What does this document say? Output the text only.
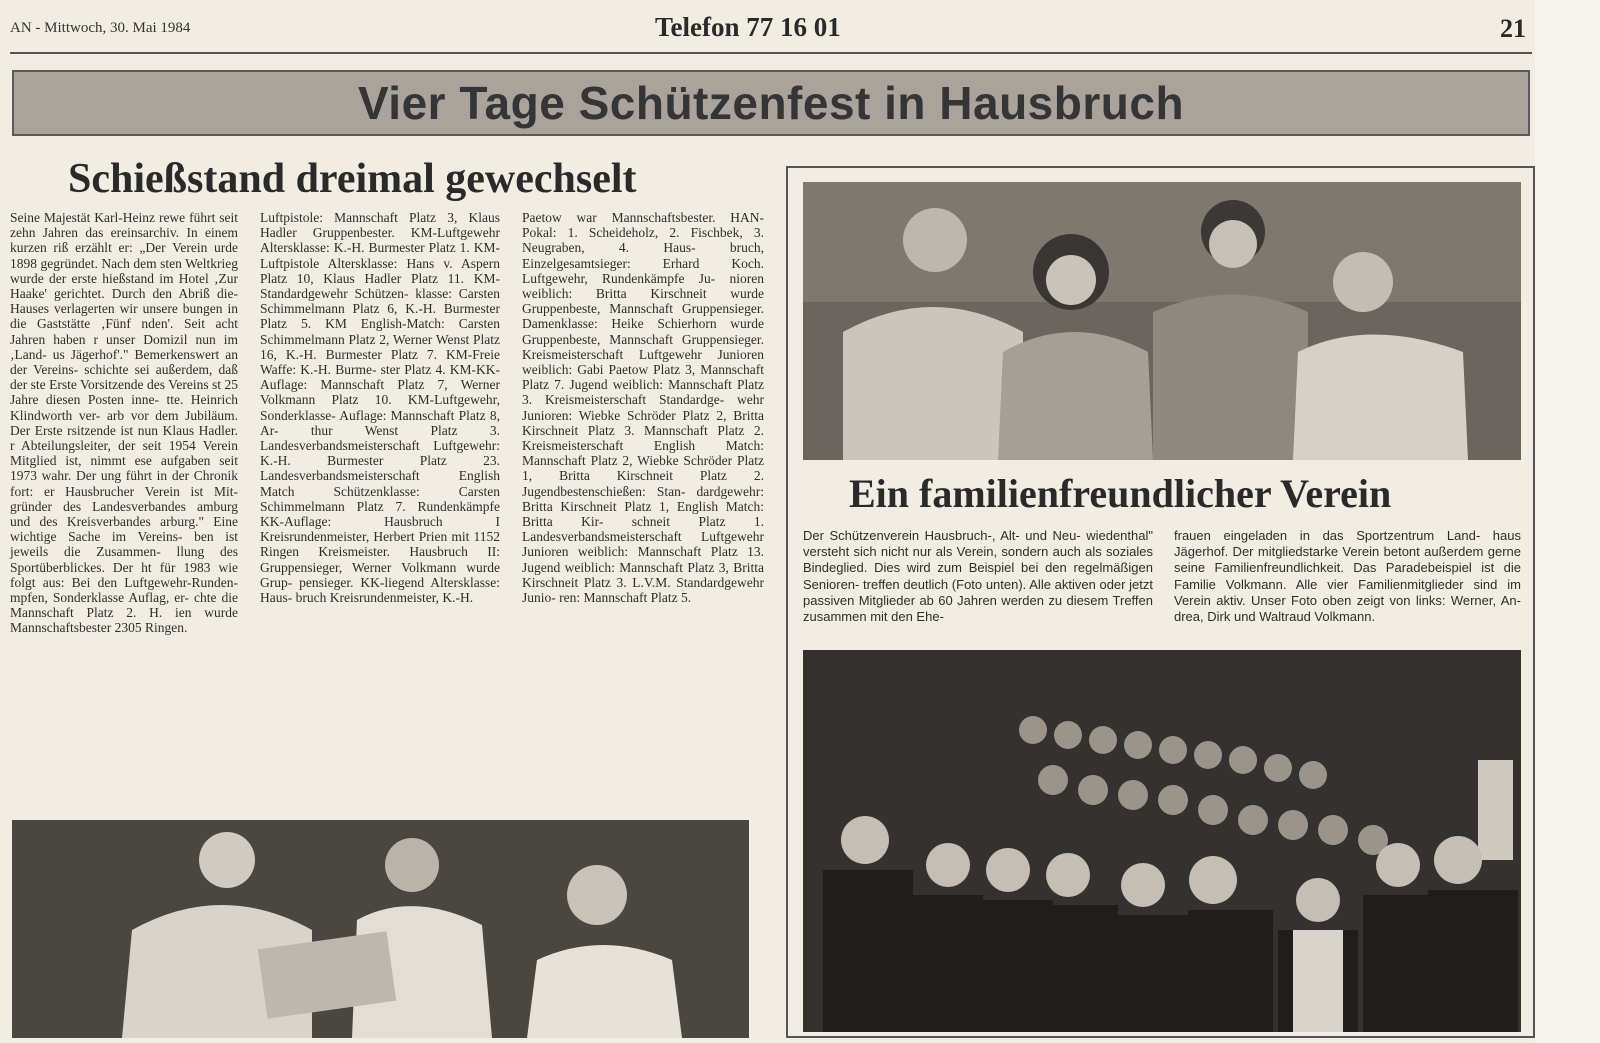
AN - Mittwoch, 30. Mai 1984	Telefon 77 16 01	21
Vier Tage Schützenfest in Hausbruch
Schießstand dreimal gewechselt

Seine Majestät Karl-Heinz rewe führt seit zehn Jahren das ereinsarchiv. In einem kurzen riß erzählt er: „Der Verein urde 1898 gegründet. Nach dem sten Weltkrieg wurde der erste hießstand im Hotel ‚Zur Haake' gerichtet. Durch den Abriß die- Hauses verlagerten wir unsere bungen in die Gaststätte ‚Fünf nden'. Seit acht Jahren haben r unser Domizil nun im ‚Land- us Jägerhof'." Bemerkenswert an der Vereins- schichte sei außerdem, daß der ste Erste Vorsitzende des Vereins st 25 Jahre diesen Posten inne- tte. Heinrich Klindworth ver- arb vor dem Jubiläum. Der Erste rsitzende ist nun Klaus Hadler. r Abteilungsleiter, der seit 1954 Verein Mitglied ist, nimmt ese aufgaben seit 1973 wahr. Der ung führt in der Chronik fort: er Hausbrucher Verein ist Mit- gründer des Landesverbandes amburg und des Kreisverbandes arburg." Eine wichtige Sache im Vereins- ben ist jeweils die Zusammen- llung des Sportüberblickes. Der ht für 1983 wie folgt aus: Bei den Luftgewehr-Runden- mpfen, Sonderklasse Auflag, er- chte die Mannschaft Platz 2. H. ien wurde Mannschaftsbester 2305 Ringen.

Luftpistole: Mannschaft Platz 3, Klaus Hadler Gruppenbester. KM-Luftgewehr Altersklasse: K.-H. Burmester Platz 1. KM-Luftpistole Altersklasse: Hans v. Aspern Platz 10, Klaus Hadler Platz 11. KM-Standardgewehr Schützen- klasse: Carsten Schimmelmann Platz 6, K.-H. Burmester Platz 5. KM English-Match: Carsten Schimmelmann Platz 2, Werner Wenst Platz 16, K.-H. Burmester Platz 7. KM-Freie Waffe: K.-H. Burme- ster Platz 4. KM-KK-Auflage: Mannschaft Platz 7, Werner Volkmann Platz 10. KM-Luftgewehr, Sonderklasse- Auflage: Mannschaft Platz 8, Ar- thur Wenst Platz 3. Landesverbandsmeisterschaft Luftgewehr: K.-H. Burmester Platz 23. Landesverbandsmeisterschaft English Match Schützenklasse: Carsten Schimmelmann Platz 7. Rundenkämpfe KK-Auflage: Hausbruch I Kreisrundenmeister, Herbert Prien mit 1152 Ringen Kreismeister. Hausbruch II: Gruppensieger, Werner Volkmann wurde Grup- pensieger. KK-liegend Altersklasse: Haus- bruch Kreisrundenmeister, K.-H.

Paetow war Mannschaftsbester. HAN-Pokal: 1. Scheideholz, 2. Fischbek, 3. Neugraben, 4. Haus- bruch, Einzelgesamtsieger: Erhard Koch. Luftgewehr, Rundenkämpfe Ju- nioren weiblich: Britta Kirschneit wurde Gruppenbeste, Mannschaft Gruppensieger. Damenklasse: Heike Schierhorn wurde Gruppenbeste, Mannschaft Gruppensieger. Kreismeisterschaft Luftgewehr Junioren weiblich: Gabi Paetow Platz 3, Mannschaft Platz 7. Jugend weiblich: Mannschaft Platz 3. Kreismeisterschaft Standardge- wehr Junioren: Wiebke Schröder Platz 2, Britta Kirschneit Platz 3. Mannschaft Platz 2. Kreismeisterschaft English Match: Mannschaft Platz 2, Wiebke Schröder Platz 1, Britta Kirschneit Platz 2. Jugendbestenschießen: Stan- dardgewehr: Britta Kirschneit Platz 1, English Match: Britta Kir- schneit Platz 1. Landesverbandsmeisterschaft Luftgewehr Junioren weiblich: Mannschaft Platz 13. Jugend weiblich: Mannschaft Platz 3, Britta Kirschneit Platz 3. L.V.M. Standardgewehr Junio- ren: Mannschaft Platz 5.

Ein familienfreundlicher Verein
Der Schützenverein Hausbruch-, Alt- und Neu- wiedenthal" versteht sich nicht nur als Verein, sondern auch als soziales Bindeglied. Dies wird zum Beispiel bei den regelmäßigen Senioren- treffen deutlich (Foto unten). Alle aktiven oder jetzt passiven Mitglieder ab 60 Jahren werden zu diesem Treffen zusammen mit den Ehe-
frauen eingeladen in das Sportzentrum Land- haus Jägerhof. Der mitgliedstarke Verein betont außerdem gerne seine Familienfreundlichkeit. Das Paradebeispiel ist die Familie Volkmann. Alle vier Familienmitglieder sind im Verein aktiv. Unser Foto oben zeigt von links: Werner, An- drea, Dirk und Waltraud Volkmann.
